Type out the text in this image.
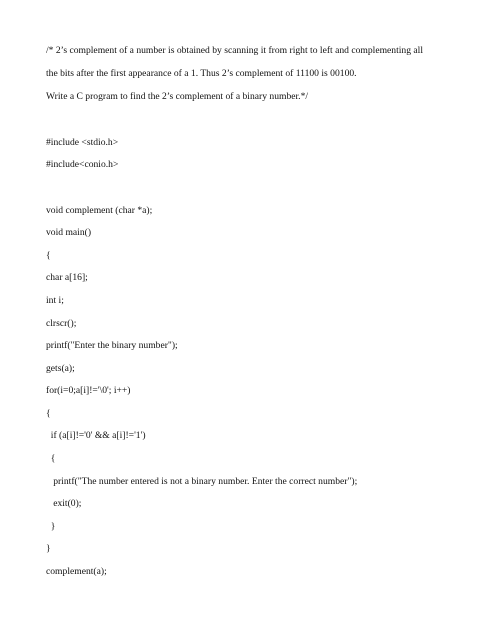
/* 2’s complement of a number is obtained by scanning it from right to left and complementing all
the bits after the first appearance of a 1. Thus 2’s complement of 11100 is 00100.
Write a C program to find the 2’s complement of a binary number.*/
#include <stdio.h>
#include<conio.h>
void complement (char *a);
void main()
{
char a[16];
int i;
clrscr();
printf("Enter the binary number");
gets(a);
for(i=0;a[i]!='\0'; i++)
{
if (a[i]!='0' && a[i]!='1')
{
printf("The number entered is not a binary number. Enter the correct number");
exit(0);
}
}
complement(a);
